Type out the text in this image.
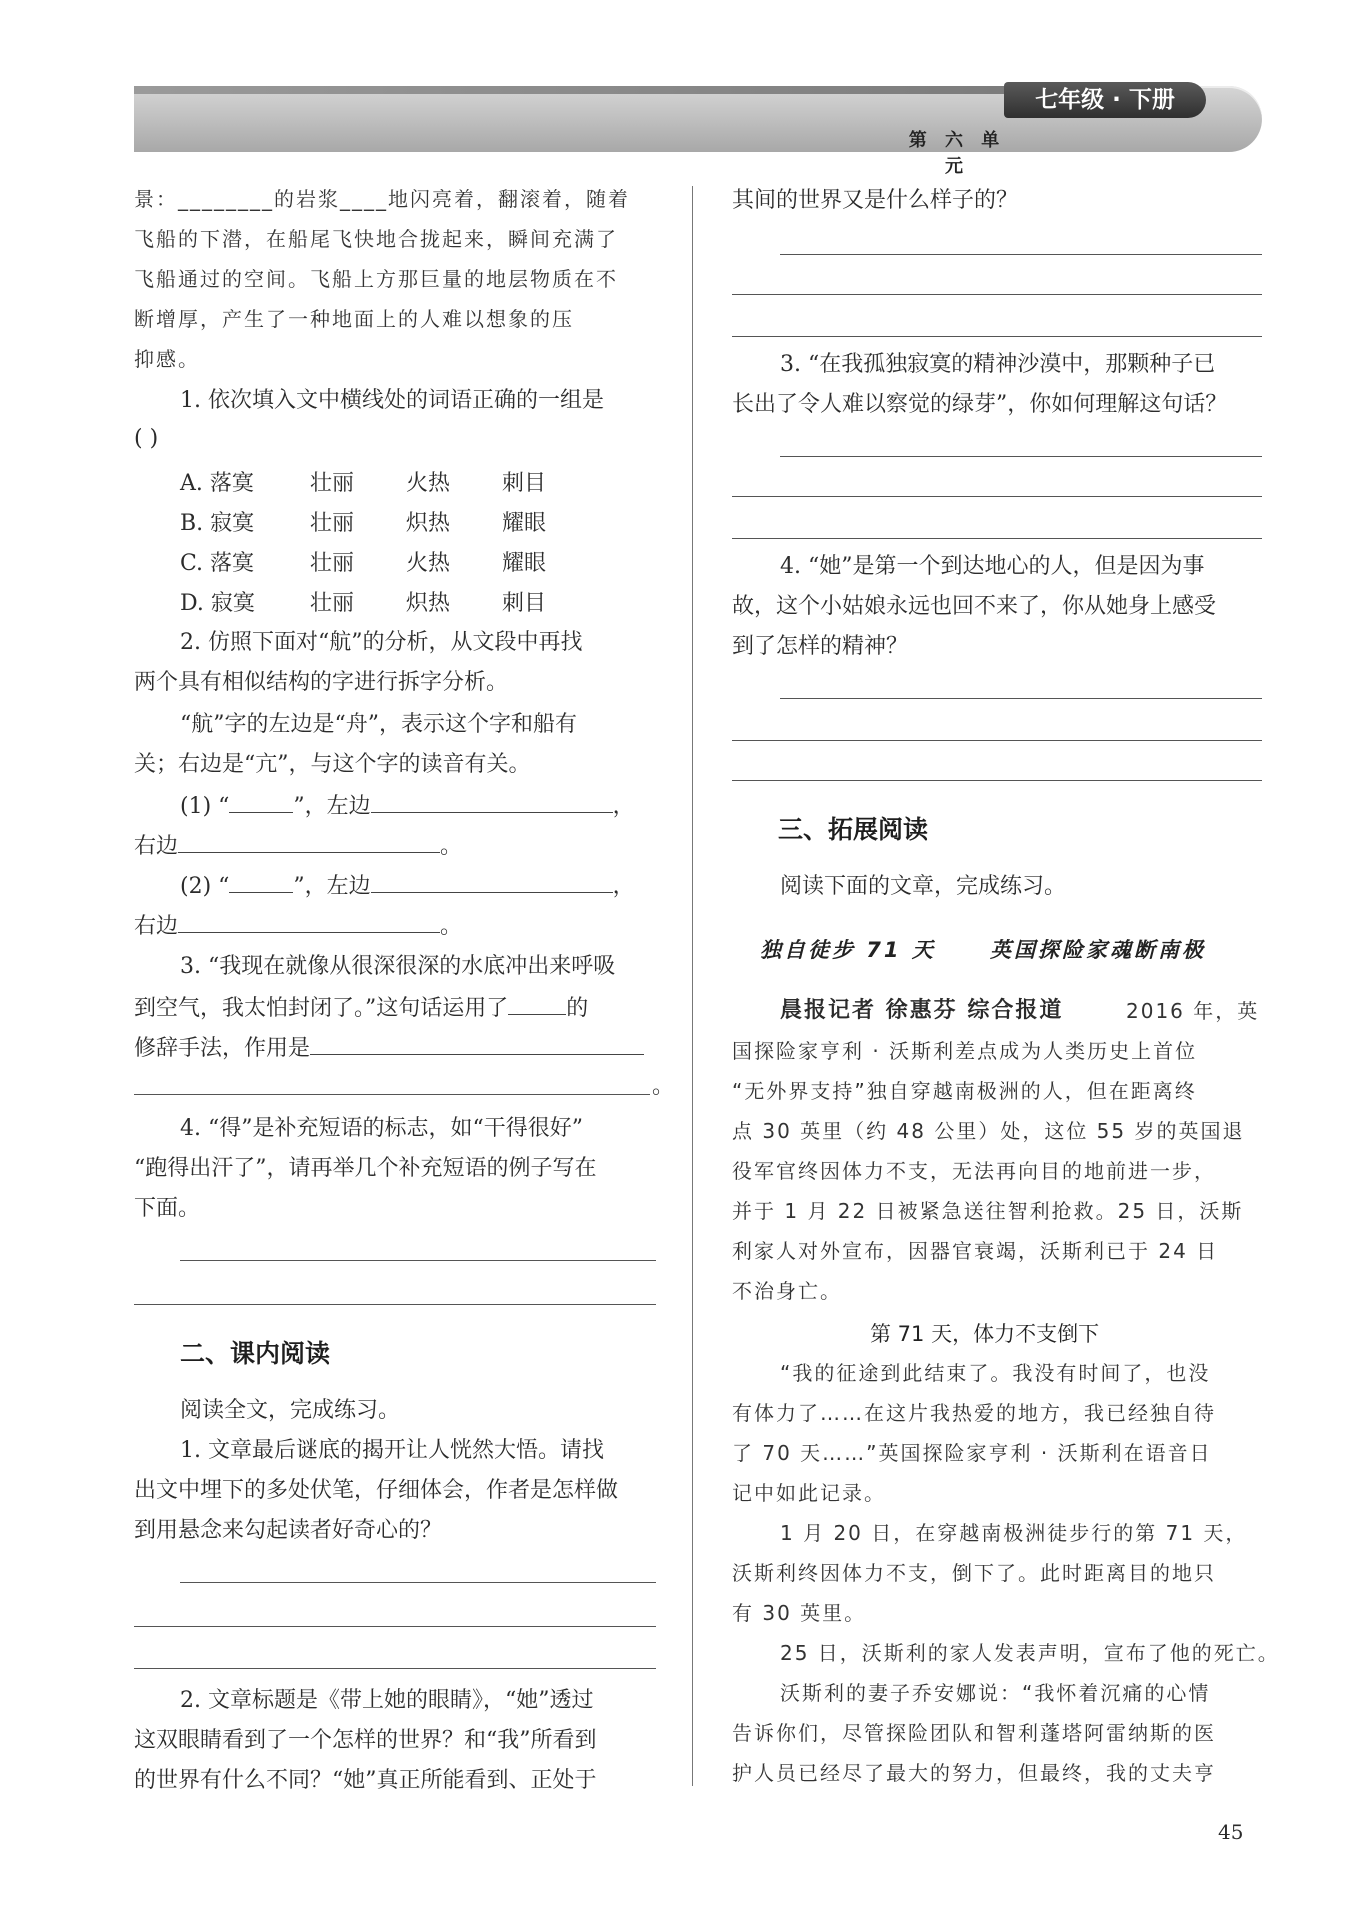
七年级 · 下册
第 六 单 元
景：________的岩浆____地闪亮着，翻滚着，随着
飞船的下潜，在船尾飞快地合拢起来，瞬间充满了
飞船通过的空间。飞船上方那巨量的地层物质在不
断增厚，产生了一种地面上的人难以想象的压
抑感。
1. 依次填入文中横线处的词语正确的一组是
( )
A. 落寞	壮丽	火热	刺目
B. 寂寞	壮丽	炽热	耀眼
C. 落寞	壮丽	火热	耀眼
D. 寂寞	壮丽	炽热	刺目
2. 仿照下面对“航”的分析，从文段中再找
两个具有相似结构的字进行拆字分析。
“航”字的左边是“舟”，表示这个字和船有
关；右边是“亢”，与这个字的读音有关。
(1) “	”，左边	，
右边	。
(2) “	”，左边	，
右边	。
3. “我现在就像从很深很深的水底冲出来呼吸
到空气，我太怕封闭了。”这句话运用了	的
修辞手法，作用是
。
4. “得”是补充短语的标志，如“干得很好”
“跑得出汗了”，请再举几个补充短语的例子写在
下面。
二、课内阅读
阅读全文，完成练习。
1. 文章最后谜底的揭开让人恍然大悟。请找
出文中埋下的多处伏笔，仔细体会，作者是怎样做
到用悬念来勾起读者好奇心的？
2. 文章标题是《带上她的眼睛》，“她”透过
这双眼睛看到了一个怎样的世界？和“我”所看到
的世界有什么不同？“她”真正所能看到、正处于
其间的世界又是什么样子的？
3. “在我孤独寂寞的精神沙漠中，那颗种子已
长出了令人难以察觉的绿芽”，你如何理解这句话？
4. “她”是第一个到达地心的人，但是因为事
故，这个小姑娘永远也回不来了，你从她身上感受
到了怎样的精神？
三、拓展阅读
阅读下面的文章，完成练习。
独自徒步 71 天	英国探险家魂断南极
晨报记者 徐惠芬 综合报道	2016 年，英
国探险家亨利 · 沃斯利差点成为人类历史上首位
“无外界支持”独自穿越南极洲的人，但在距离终
点 30 英里（约 48 公里）处，这位 55 岁的英国退
役军官终因体力不支，无法再向目的地前进一步，
并于 1 月 22 日被紧急送往智利抢救。25 日，沃斯
利家人对外宣布，因器官衰竭，沃斯利已于 24 日
不治身亡。
第 71 天，体力不支倒下
“我的征途到此结束了。我没有时间了，也没
有体力了……在这片我热爱的地方，我已经独自待
了 70 天……”英国探险家亨利 · 沃斯利在语音日
记中如此记录。
1 月 20 日，在穿越南极洲徒步行的第 71 天，
沃斯利终因体力不支，倒下了。此时距离目的地只
有 30 英里。
25 日，沃斯利的家人发表声明，宣布了他的死亡。
沃斯利的妻子乔安娜说：“我怀着沉痛的心情
告诉你们，尽管探险团队和智利蓬塔阿雷纳斯的医
护人员已经尽了最大的努力，但最终，我的丈夫亨
45
